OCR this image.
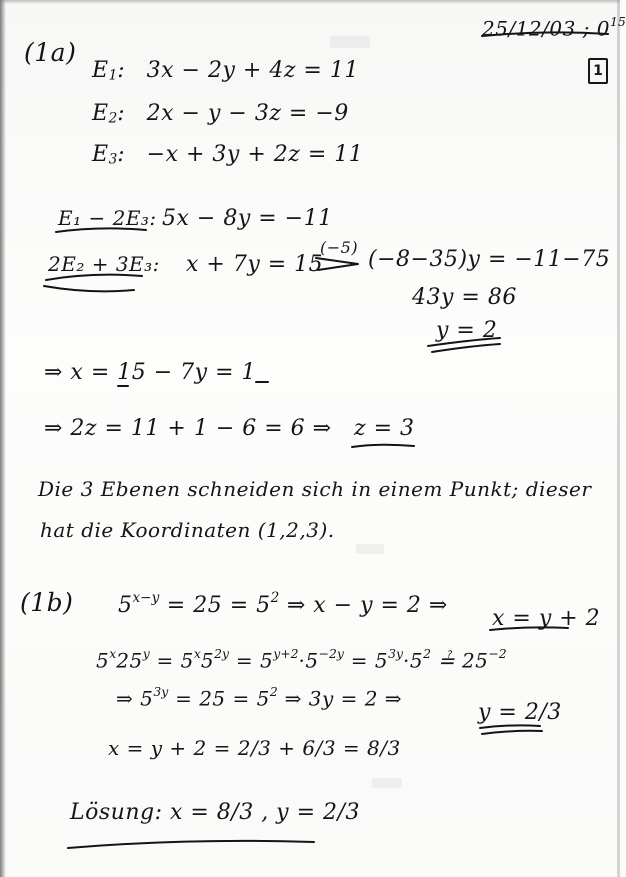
25/12/03 ; $0^{15}$
1
(1a)
$E_1$: 3x − 2y + 4z = 11
$E_2$: 2x − y − 3z = −9
$E_3$: −x + 3y + 2z = 11
E₁ − 2E₃: 5x − 8y = −11
2E₂ + 3E₃: x + 7y = 15
(−5) (−8−35)y = −11−75
43y = 86
y = 2
⇒ x = 15 − 7y = 1
⇒ 2z = 11 + 1 − 6 = 6 ⇒ z = 3
Die 3 Ebenen schneiden sich in einem Punkt; dieser
hat die Koordinaten (1,2,3).
(1b) $5^{x-y} = 25 = 5^2$ ⇒ x − y = 2 ⇒
x = y + 2
$5^x25^y = 5^x5^{2y} = 5^{y+2}\cdot 5^{-2y} = 5^{3y}\cdot 5^2$ ≟ $25^{-2}$
⇒ $5^{3y} = 25 = 5^2$ ⇒ 3y = 2 ⇒
y = 2/3
x = y + 2 = 2/3 + 6/3 = 8/3
Lösung: x = 8/3 , y = 2/3
